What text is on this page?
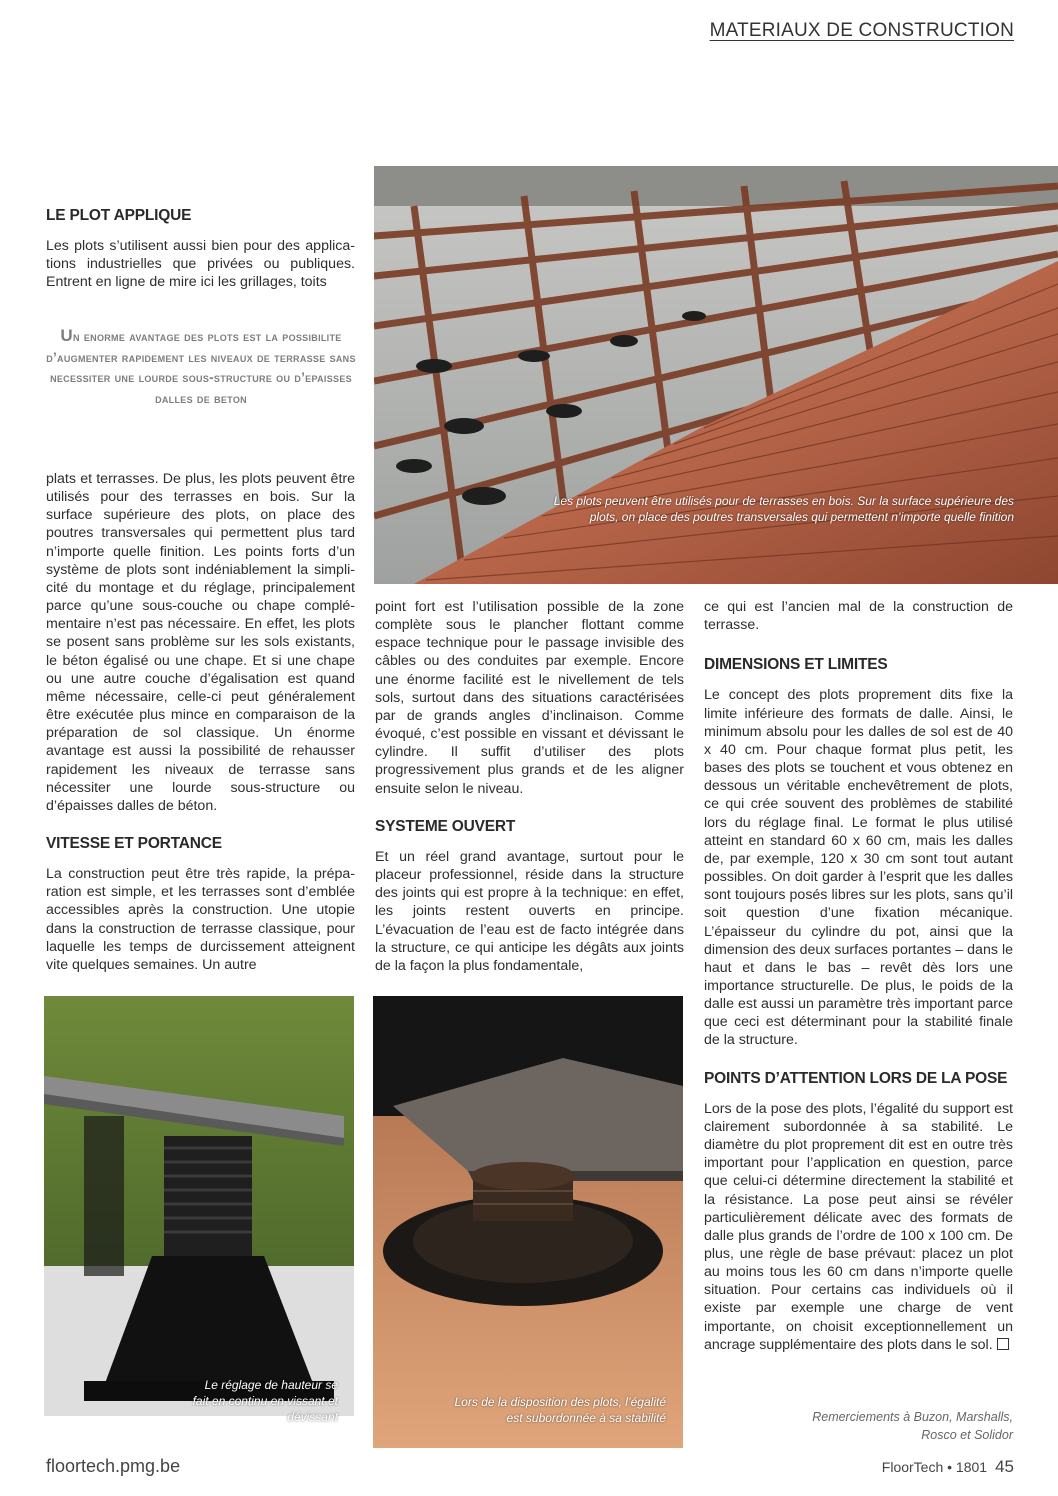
MATERIAUX DE CONSTRUCTION
Les plots peuvent être utilisés pour de terrasses en bois. Sur la surface supérieure des plots, on place des poutres transversales qui permettent n’importe quelle finition
LE PLOT APPLIQUE

Les plots s’utilisent aussi bien pour des applications industrielles que privées ou publiques. Entrent en ligne de mire ici les grillages, toits

Un enorme avantage des plots est la possibilite d’augmenter rapidement les niveaux de terrasse sans necessiter une lourde sous-structure ou d’epaisses dalles de beton

plats et terrasses. De plus, les plots peuvent être utilisés pour des terrasses en bois. Sur la surface supérieure des plots, on place des poutres transversales qui permettent plus tard n’importe quelle finition. Les points forts d’un système de plots sont indéniablement la simplicité du montage et du réglage, principalement parce qu’une sous-couche ou chape complémentaire n’est pas nécessaire. En effet, les plots se posent sans problème sur les sols existants, le béton égalisé ou une chape. Et si une chape ou une autre couche d’égalisation est quand même nécessaire, celle-ci peut généralement être exécutée plus mince en comparaison de la préparation de sol classique. Un énorme avantage est aussi la possibilité de rehausser rapidement les niveaux de terrasse sans nécessiter une lourde sous-structure ou d’épaisses dalles de béton.

VITESSE ET PORTANCE

La construction peut être très rapide, la préparation est simple, et les terrasses sont d’emblée accessibles après la construction. Une utopie dans la construction de terrasse classique, pour laquelle les temps de durcissement atteignent vite quelques semaines. Un autre

point fort est l’utilisation possible de la zone complète sous le plancher flottant comme espace technique pour le passage invisible des câbles ou des conduites par exemple. Encore une énorme facilité est le nivellement de tels sols, surtout dans des situations caractérisées par de grands angles d’inclinaison. Comme évoqué, c’est possible en vissant et dévissant le cylindre. Il suffit d’utiliser des plots progressivement plus grands et de les aligner ensuite selon le niveau.

SYSTEME OUVERT

Et un réel grand avantage, surtout pour le placeur professionnel, réside dans la structure des joints qui est propre à la technique: en effet, les joints restent ouverts en principe. L’évacuation de l’eau est de facto intégrée dans la structure, ce qui anticipe les dégâts aux joints de la façon la plus fondamentale,

ce qui est l’ancien mal de la construction de terrasse.

DIMENSIONS ET LIMITES

Le concept des plots proprement dits fixe la limite inférieure des formats de dalle. Ainsi, le minimum absolu pour les dalles de sol est de 40 x 40 cm. Pour chaque format plus petit, les bases des plots se touchent et vous obtenez en dessous un véritable enchevêtrement de plots, ce qui crée souvent des problèmes de stabilité lors du réglage final. Le format le plus utilisé atteint en standard 60 x 60 cm, mais les dalles de, par exemple, 120 x 30 cm sont tout autant possibles. On doit garder à l’esprit que les dalles sont toujours posés libres sur les plots, sans qu’il soit question d’une fixation mécanique. L’épaisseur du cylindre du pot, ainsi que la dimension des deux surfaces portantes – dans le haut et dans le bas – revêt dès lors une importance structurelle. De plus, le poids de la dalle est aussi un paramètre très important parce que ceci est déterminant pour la stabilité finale de la structure.

POINTS D’ATTENTION LORS DE LA POSE

Lors de la pose des plots, l’égalité du support est clairement subordonnée à sa stabilité. Le diamètre du plot proprement dit est en outre très important pour l’application en question, parce que celui-ci détermine directement la stabilité et la résistance. La pose peut ainsi se révéler particulièrement délicate avec des formats de dalle plus grands de l’ordre de 100 x 100 cm. De plus, une règle de base prévaut: placez un plot au moins tous les 60 cm dans n’importe quelle situation. Pour certains cas individuels où il existe par exemple une charge de vent importante, on choisit exceptionnellement un ancrage supplémentaire des plots dans le sol.

Remerciements à Buzon, Marshalls, Rosco et Solidor
Le réglage de hauteur se fait en continu en vissant et dévissant
Lors de la disposition des plots, l’égalité est subordonnée à sa stabilité
floortech.pmg.be	FloorTech • 1801 45
